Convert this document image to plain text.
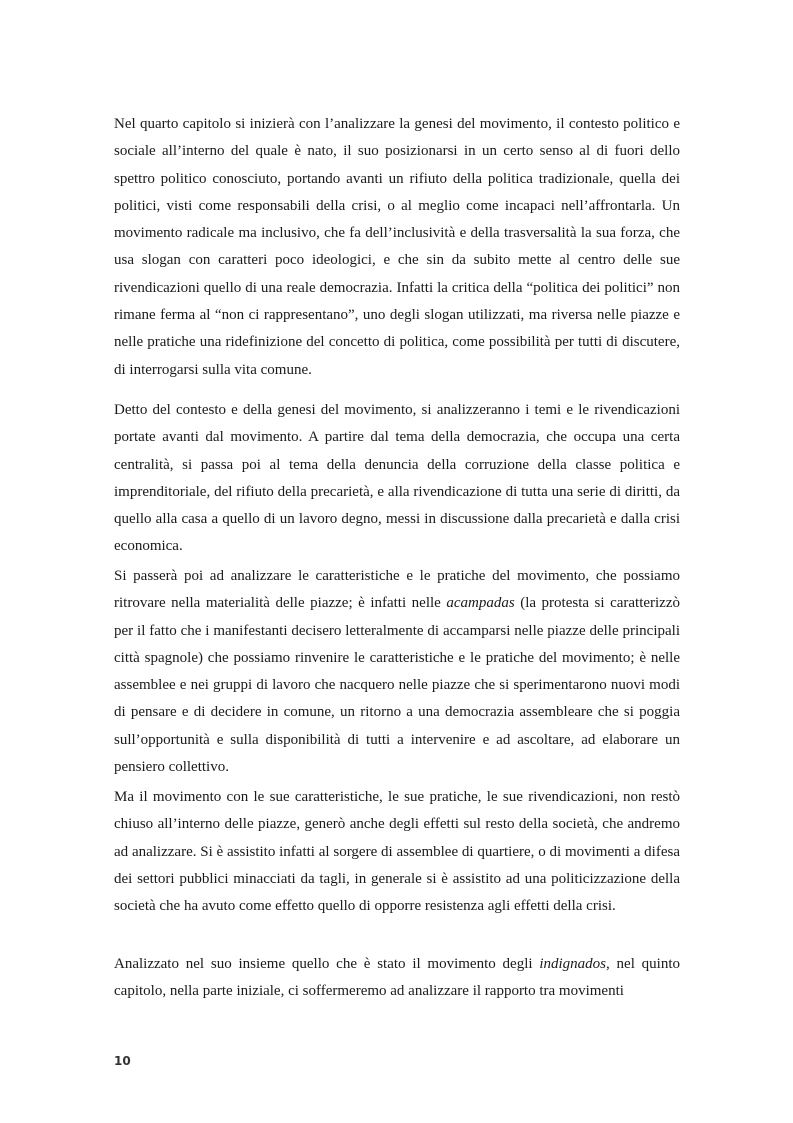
Nel quarto capitolo si inizierà con l’analizzare la genesi del movimento, il contesto politico e sociale all’interno del quale è nato, il suo posizionarsi in un certo senso al di fuori dello spettro politico conosciuto, portando avanti un rifiuto della politica tradizionale, quella dei politici, visti come responsabili della crisi, o al meglio come incapaci nell’affrontarla. Un movimento radicale ma inclusivo, che fa dell’inclusività e della trasversalità la sua forza, che usa slogan con caratteri poco ideologici, e che sin da subito mette al centro delle sue rivendicazioni quello di una reale democrazia. Infatti la critica della “politica dei politici” non rimane ferma al “non ci rappresentano”, uno degli slogan utilizzati, ma riversa nelle piazze e nelle pratiche una ridefinizione del concetto di politica, come possibilità per tutti di discutere, di interrogarsi sulla vita comune.

Detto del contesto e della genesi del movimento, si analizzeranno i temi e le rivendicazioni portate avanti dal movimento. A partire dal tema della democrazia, che occupa una certa centralità, si passa poi al tema della denuncia della corruzione della classe politica e imprenditoriale, del rifiuto della precarietà, e alla rivendicazione di tutta una serie di diritti, da quello alla casa a quello di un lavoro degno, messi in discussione dalla precarietà e dalla crisi economica.

Si passerà poi ad analizzare le caratteristiche e le pratiche del movimento, che possiamo ritrovare nella materialità delle piazze; è infatti nelle acampadas (la protesta si caratterizzò per il fatto che i manifestanti decisero letteralmente di accamparsi nelle piazze delle principali città spagnole) che possiamo rinvenire le caratteristiche e le pratiche del movimento; è nelle assemblee e nei gruppi di lavoro che nacquero nelle piazze che si sperimentarono nuovi modi di pensare e di decidere in comune, un ritorno a una democrazia assembleare che si poggia sull’opportunità e sulla disponibilità di tutti a intervenire e ad ascoltare, ad elaborare un pensiero collettivo.

Ma il movimento con le sue caratteristiche, le sue pratiche, le sue rivendicazioni, non restò chiuso all’interno delle piazze, generò anche degli effetti sul resto della società, che andremo ad analizzare. Si è assistito infatti al sorgere di assemblee di quartiere, o di movimenti a difesa dei settori pubblici minacciati da tagli, in generale si è assistito ad una politicizzazione della società che ha avuto come effetto quello di opporre resistenza agli effetti della crisi.

Analizzato nel suo insieme quello che è stato il movimento degli indignados, nel quinto capitolo, nella parte iniziale, ci soffermeremo ad analizzare il rapporto tra movimenti

10
